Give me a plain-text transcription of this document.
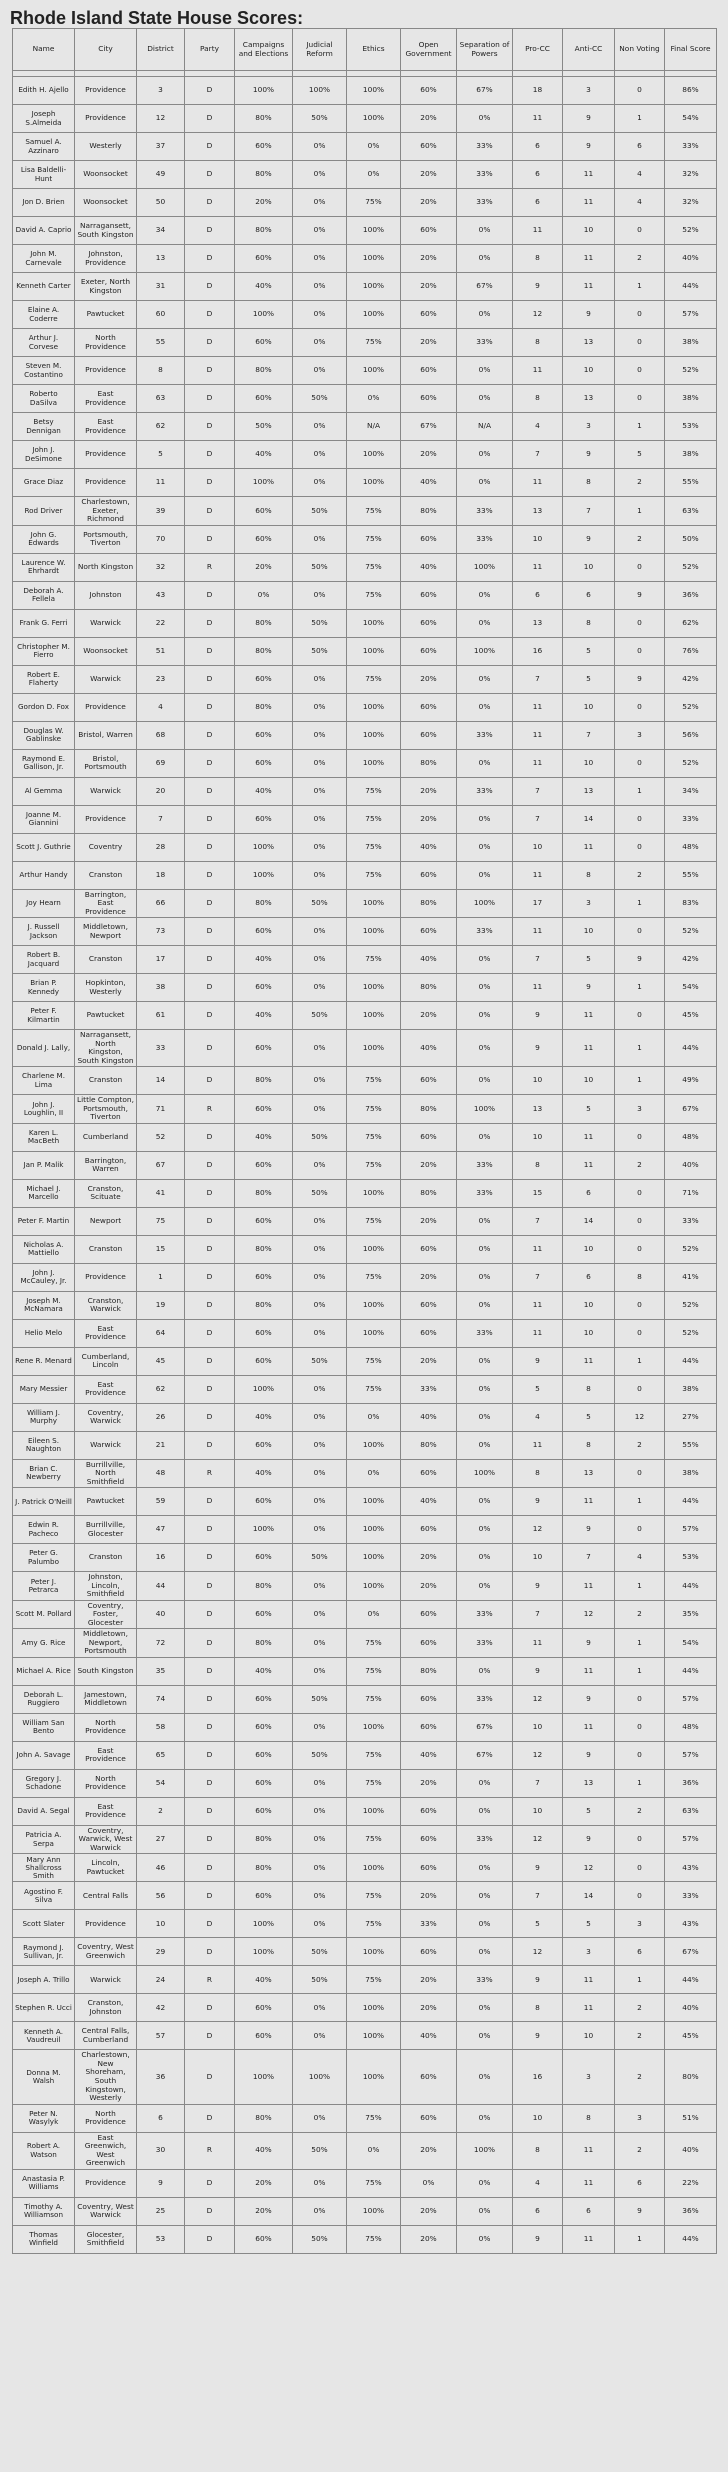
Rhode Island State House Scores:
Name	City	District	Party	Campaigns and Elections	Judicial Reform	Ethics	Open Government	Separation of Powers	Pro-CC	Anti-CC	Non Voting	Final Score

Edith H. Ajello	Providence	3	D	100%	100%	100%	60%	67%	18	3	0	86%
Joseph S.Almeida	Providence	12	D	80%	50%	100%	20%	0%	11	9	1	54%
Samuel A. Azzinaro	Westerly	37	D	60%	0%	0%	60%	33%	6	9	6	33%
Lisa Baldelli-Hunt	Woonsocket	49	D	80%	0%	0%	20%	33%	6	11	4	32%
Jon D. Brien	Woonsocket	50	D	20%	0%	75%	20%	33%	6	11	4	32%
David A. Caprio	Narragansett, South Kingston	34	D	80%	0%	100%	60%	0%	11	10	0	52%
John M. Carnevale	Johnston, Providence	13	D	60%	0%	100%	20%	0%	8	11	2	40%
Kenneth Carter	Exeter, North Kingston	31	D	40%	0%	100%	20%	67%	9	11	1	44%
Elaine A. Coderre	Pawtucket	60	D	100%	0%	100%	60%	0%	12	9	0	57%
Arthur J. Corvese	North Providence	55	D	60%	0%	75%	20%	33%	8	13	0	38%
Steven M. Costantino	Providence	8	D	80%	0%	100%	60%	0%	11	10	0	52%
Roberto DaSilva	East Providence	63	D	60%	50%	0%	60%	0%	8	13	0	38%
Betsy Dennigan	East Providence	62	D	50%	0%	N/A	67%	N/A	4	3	1	53%
John J. DeSimone	Providence	5	D	40%	0%	100%	20%	0%	7	9	5	38%
Grace Diaz	Providence	11	D	100%	0%	100%	40%	0%	11	8	2	55%
Rod Driver	Charlestown, Exeter, Richmond	39	D	60%	50%	75%	80%	33%	13	7	1	63%
John G. Edwards	Portsmouth, Tiverton	70	D	60%	0%	75%	60%	33%	10	9	2	50%
Laurence W. Ehrhardt	North Kingston	32	R	20%	50%	75%	40%	100%	11	10	0	52%
Deborah A. Fellela	Johnston	43	D	0%	0%	75%	60%	0%	6	6	9	36%
Frank G. Ferri	Warwick	22	D	80%	50%	100%	60%	0%	13	8	0	62%
Christopher M. Fierro	Woonsocket	51	D	80%	50%	100%	60%	100%	16	5	0	76%
Robert E. Flaherty	Warwick	23	D	60%	0%	75%	20%	0%	7	5	9	42%
Gordon D. Fox	Providence	4	D	80%	0%	100%	60%	0%	11	10	0	52%
Douglas W. Gablinske	Bristol, Warren	68	D	60%	0%	100%	60%	33%	11	7	3	56%
Raymond E. Gallison, Jr.	Bristol, Portsmouth	69	D	60%	0%	100%	80%	0%	11	10	0	52%
Al Gemma	Warwick	20	D	40%	0%	75%	20%	33%	7	13	1	34%
Joanne M. Giannini	Providence	7	D	60%	0%	75%	20%	0%	7	14	0	33%
Scott J. Guthrie	Coventry	28	D	100%	0%	75%	40%	0%	10	11	0	48%
Arthur Handy	Cranston	18	D	100%	0%	75%	60%	0%	11	8	2	55%
Joy Hearn	Barrington, East Providence	66	D	80%	50%	100%	80%	100%	17	3	1	83%
J. Russell Jackson	Middletown, Newport	73	D	60%	0%	100%	60%	33%	11	10	0	52%
Robert B. Jacquard	Cranston	17	D	40%	0%	75%	40%	0%	7	5	9	42%
Brian P. Kennedy	Hopkinton, Westerly	38	D	60%	0%	100%	80%	0%	11	9	1	54%
Peter F. Kilmartin	Pawtucket	61	D	40%	50%	100%	20%	0%	9	11	0	45%
Donald J. Lally,	Narragansett, North Kingston, South Kingston	33	D	60%	0%	100%	40%	0%	9	11	1	44%
Charlene M. Lima	Cranston	14	D	80%	0%	75%	60%	0%	10	10	1	49%
John J. Loughlin, II	Little Compton, Portsmouth, Tiverton	71	R	60%	0%	75%	80%	100%	13	5	3	67%
Karen L. MacBeth	Cumberland	52	D	40%	50%	75%	60%	0%	10	11	0	48%
Jan P. Malik	Barrington, Warren	67	D	60%	0%	75%	20%	33%	8	11	2	40%
Michael J. Marcello	Cranston, Scituate	41	D	80%	50%	100%	80%	33%	15	6	0	71%
Peter F. Martin	Newport	75	D	60%	0%	75%	20%	0%	7	14	0	33%
Nicholas A. Mattiello	Cranston	15	D	80%	0%	100%	60%	0%	11	10	0	52%
John J. McCauley, Jr.	Providence	1	D	60%	0%	75%	20%	0%	7	6	8	41%
Joseph M. McNamara	Cranston, Warwick	19	D	80%	0%	100%	60%	0%	11	10	0	52%
Helio Melo	East Providence	64	D	60%	0%	100%	60%	33%	11	10	0	52%
Rene R. Menard	Cumberland, Lincoln	45	D	60%	50%	75%	20%	0%	9	11	1	44%
Mary Messier	East Providence	62	D	100%	0%	75%	33%	0%	5	8	0	38%
William J. Murphy	Coventry, Warwick	26	D	40%	0%	0%	40%	0%	4	5	12	27%
Eileen S. Naughton	Warwick	21	D	60%	0%	100%	80%	0%	11	8	2	55%
Brian C. Newberry	Burrillville, North Smithfield	48	R	40%	0%	0%	60%	100%	8	13	0	38%
J. Patrick O'Neill	Pawtucket	59	D	60%	0%	100%	40%	0%	9	11	1	44%
Edwin R. Pacheco	Burrillville, Glocester	47	D	100%	0%	100%	60%	0%	12	9	0	57%
Peter G. Palumbo	Cranston	16	D	60%	50%	100%	20%	0%	10	7	4	53%
Peter J. Petrarca	Johnston, Lincoln, Smithfield	44	D	80%	0%	100%	20%	0%	9	11	1	44%
Scott M. Pollard	Coventry, Foster, Glocester	40	D	60%	0%	0%	60%	33%	7	12	2	35%
Amy G. Rice	Middletown, Newport, Portsmouth	72	D	80%	0%	75%	60%	33%	11	9	1	54%
Michael A. Rice	South Kingston	35	D	40%	0%	75%	80%	0%	9	11	1	44%
Deborah L. Ruggiero	Jamestown, Middletown	74	D	60%	50%	75%	60%	33%	12	9	0	57%
William San Bento	North Providence	58	D	60%	0%	100%	60%	67%	10	11	0	48%
John A. Savage	East Providence	65	D	60%	50%	75%	40%	67%	12	9	0	57%
Gregory J. Schadone	North Providence	54	D	60%	0%	75%	20%	0%	7	13	1	36%
David A. Segal	East Providence	2	D	60%	0%	100%	60%	0%	10	5	2	63%
Patricia A. Serpa	Coventry, Warwick, West Warwick	27	D	80%	0%	75%	60%	33%	12	9	0	57%
Mary Ann Shallcross Smith	Lincoln, Pawtucket	46	D	80%	0%	100%	60%	0%	9	12	0	43%
Agostino F. Silva	Central Falls	56	D	60%	0%	75%	20%	0%	7	14	0	33%
Scott Slater	Providence	10	D	100%	0%	75%	33%	0%	5	5	3	43%
Raymond J. Sullivan, Jr.	Coventry, West Greenwich	29	D	100%	50%	100%	60%	0%	12	3	6	67%
Joseph A. Trillo	Warwick	24	R	40%	50%	75%	20%	33%	9	11	1	44%
Stephen R. Ucci	Cranston, Johnston	42	D	60%	0%	100%	20%	0%	8	11	2	40%
Kenneth A. Vaudreuil	Central Falls, Cumberland	57	D	60%	0%	100%	40%	0%	9	10	2	45%
Donna M. Walsh	Charlestown, New Shoreham, South Kingstown, Westerly	36	D	100%	100%	100%	60%	0%	16	3	2	80%
Peter N. Wasylyk	North Providence	6	D	80%	0%	75%	60%	0%	10	8	3	51%
Robert A. Watson	East Greenwich, West Greenwich	30	R	40%	50%	0%	20%	100%	8	11	2	40%
Anastasia P. Williams	Providence	9	D	20%	0%	75%	0%	0%	4	11	6	22%
Timothy A. Williamson	Coventry, West Warwick	25	D	20%	0%	100%	20%	0%	6	6	9	36%
Thomas Winfield	Glocester, Smithfield	53	D	60%	50%	75%	20%	0%	9	11	1	44%
